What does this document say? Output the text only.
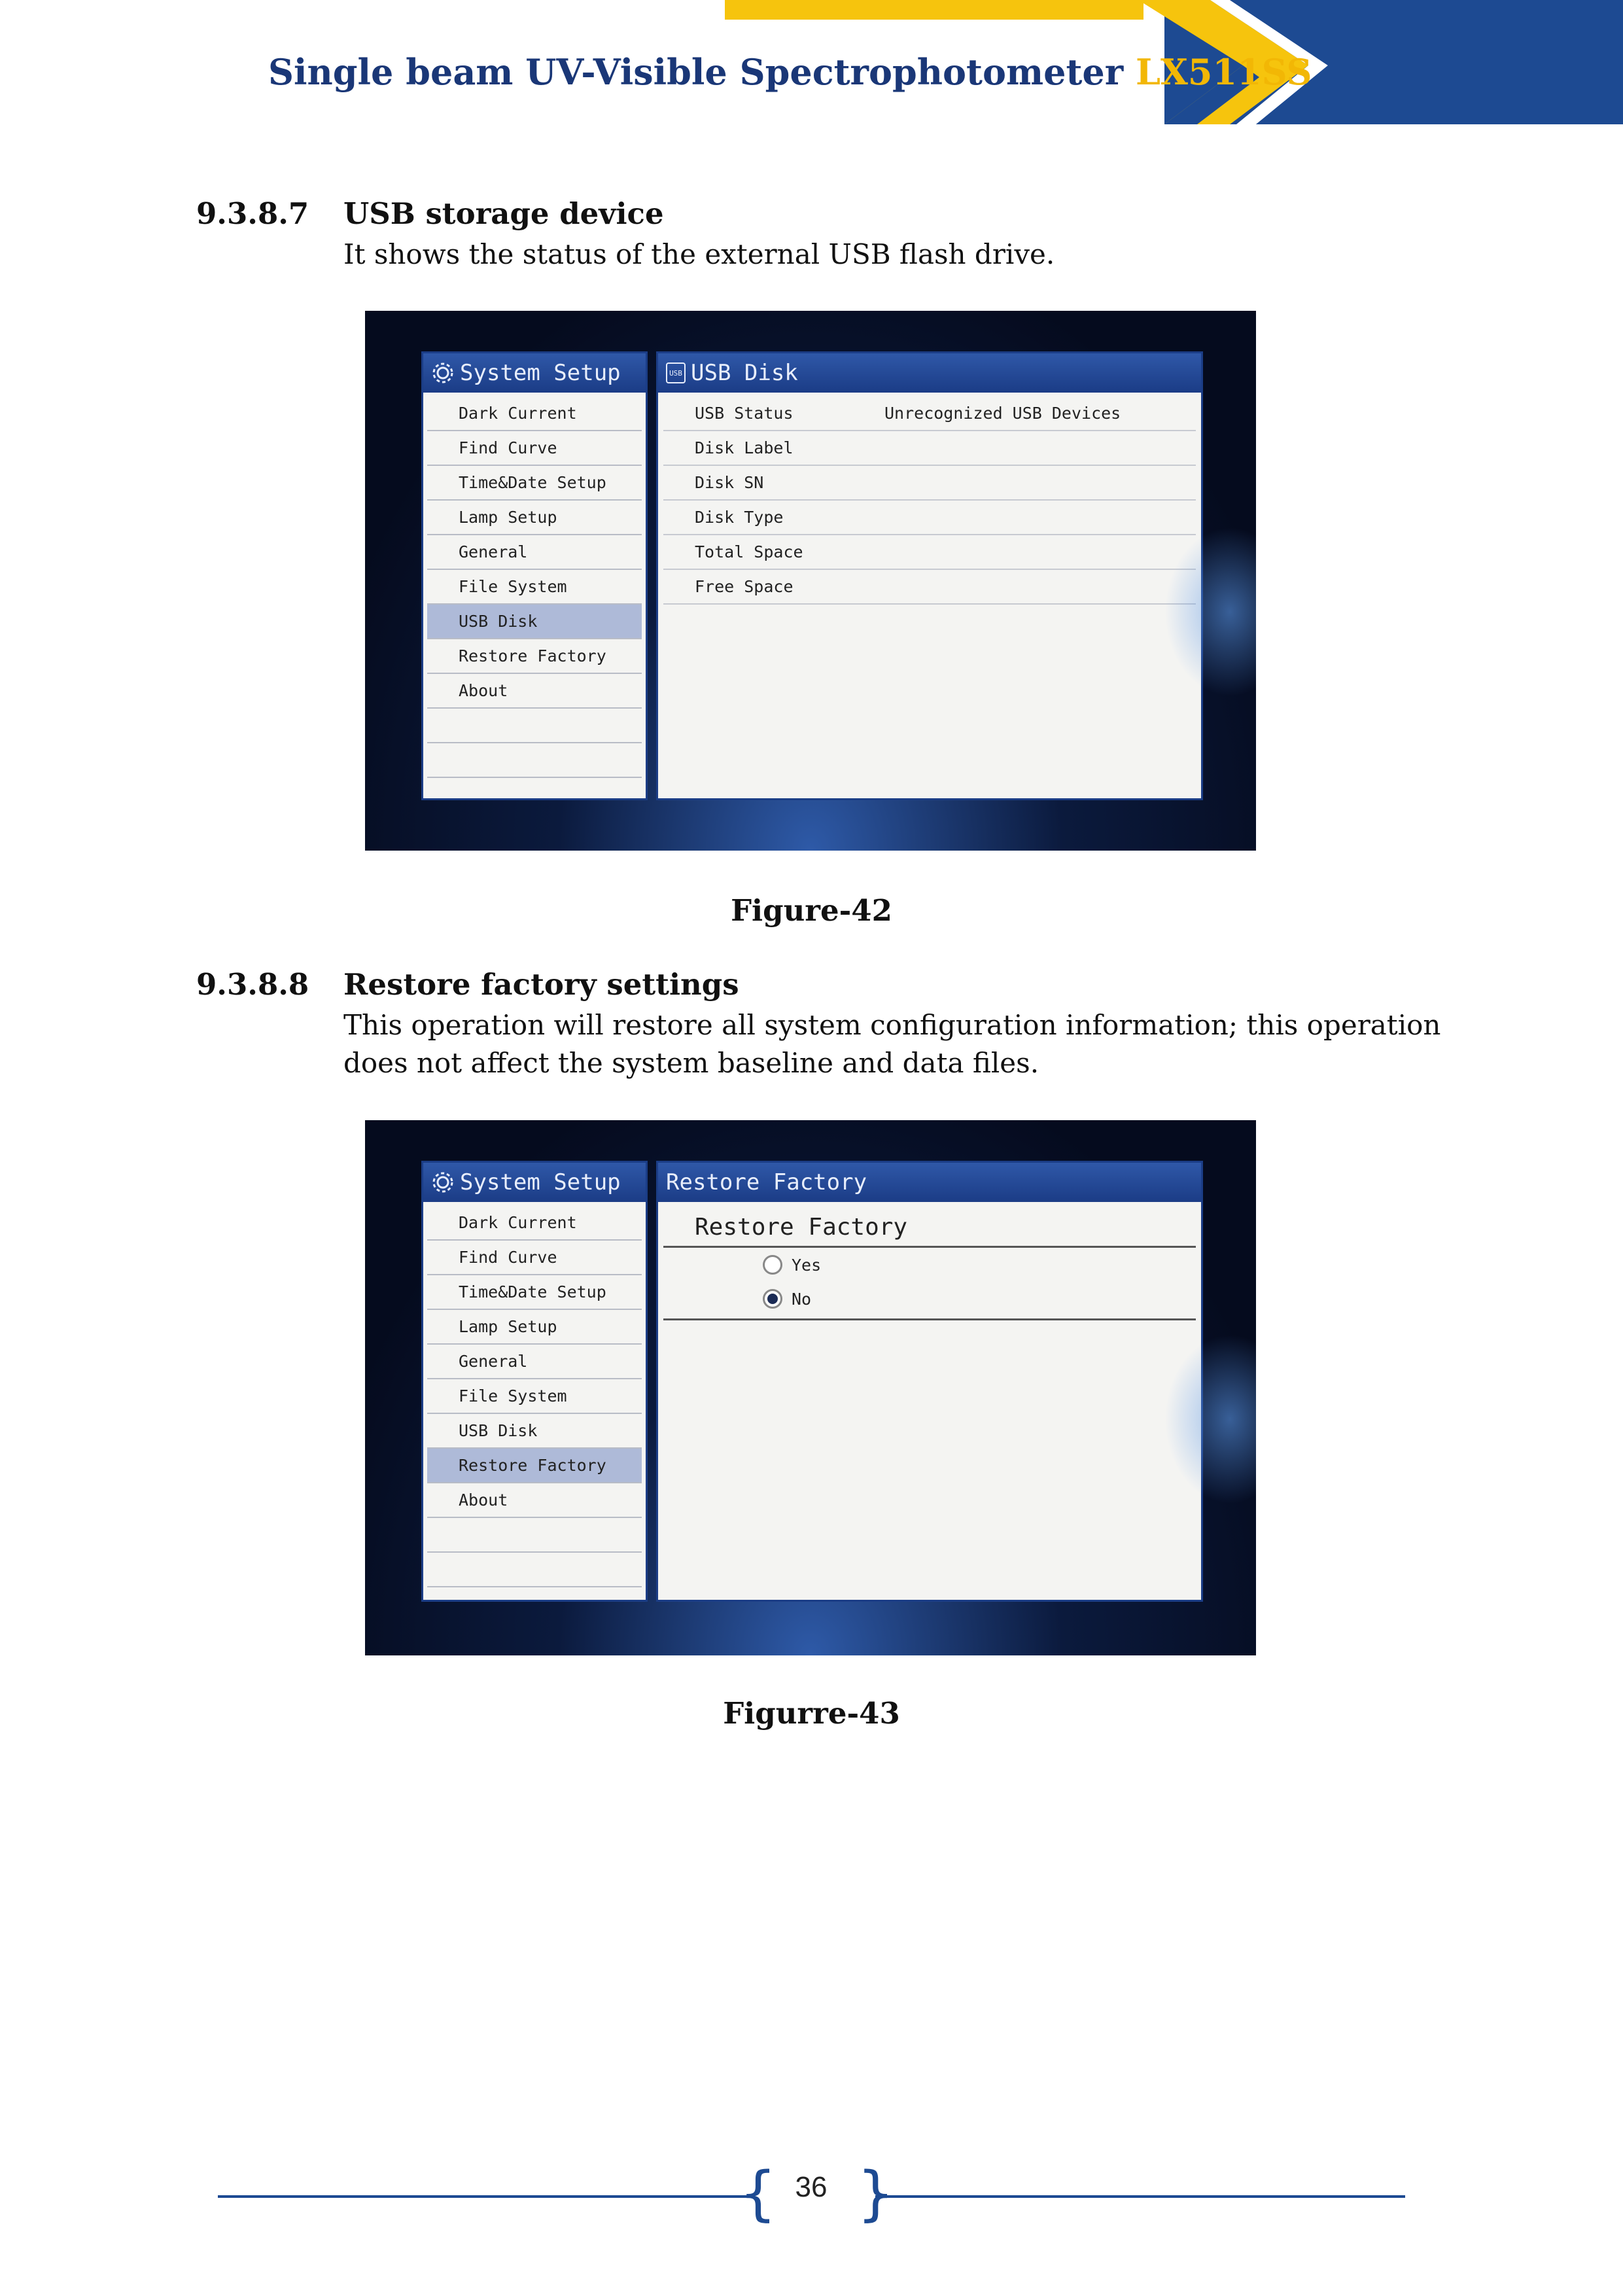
Single beam UV-Visible Spectrophotometer LX511SS
9.3.8.7 USB storage device
It shows the status of the external USB flash drive.
System Setup
Dark Current
Find Curve
Time&Date Setup
Lamp Setup
General
File System
USB Disk
Restore Factory
About
USB USB Disk
USB Status	Unrecognized USB Devices
Disk Label
Disk SN
Disk Type
Total Space
Free Space
Figure-42
9.3.8.8 Restore factory settings
This operation will restore all system configuration information; this operation
does not affect the system baseline and data files.
System Setup
Dark Current
Find Curve
Time&Date Setup
Lamp Setup
General
File System
USB Disk
Restore Factory
About
Restore Factory
Restore Factory
Yes
No
Figurre-43
{ }
36
